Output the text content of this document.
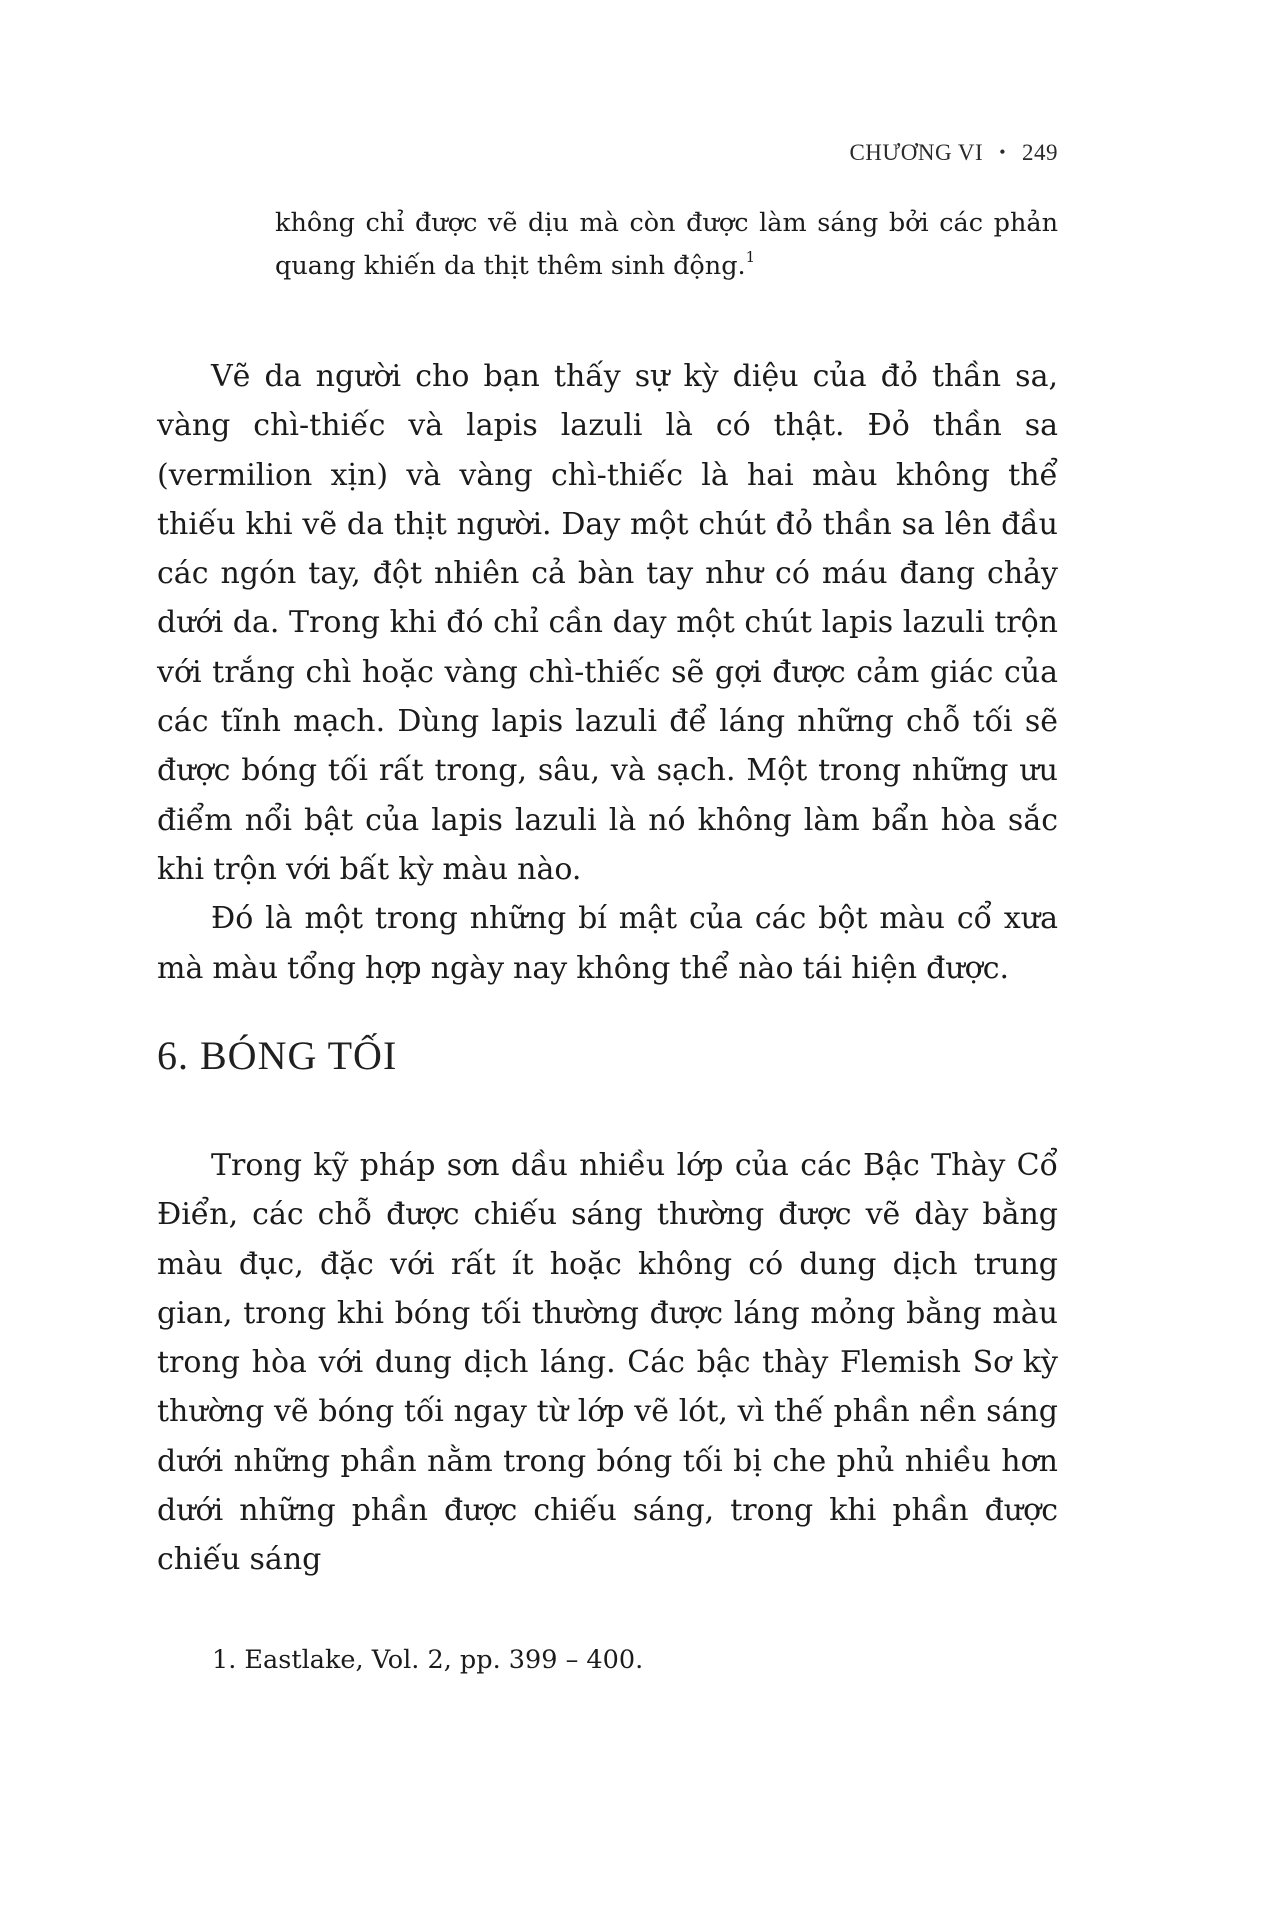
CHƯƠNG VI • 249
không chỉ được vẽ dịu mà còn được làm sáng bởi các phản quang khiến da thịt thêm sinh động.$^1$

Vẽ da người cho bạn thấy sự kỳ diệu của đỏ thần sa, vàng chì-thiếc và lapis lazuli là có thật. Đỏ thần sa (vermilion xịn) và vàng chì-thiếc là hai màu không thể thiếu khi vẽ da thịt người. Day một chút đỏ thần sa lên đầu các ngón tay, đột nhiên cả bàn tay như có máu đang chảy dưới da. Trong khi đó chỉ cần day một chút lapis lazuli trộn với trắng chì hoặc vàng chì-thiếc sẽ gợi được cảm giác của các tĩnh mạch. Dùng lapis lazuli để láng những chỗ tối sẽ được bóng tối rất trong, sâu, và sạch. Một trong những ưu điểm nổi bật của lapis lazuli là nó không làm bẩn hòa sắc khi trộn với bất kỳ màu nào.

Đó là một trong những bí mật của các bột màu cổ xưa mà màu tổng hợp ngày nay không thể nào tái hiện được.

6. BÓNG TỐI

Trong kỹ pháp sơn dầu nhiều lớp của các Bậc Thày Cổ Điển, các chỗ được chiếu sáng thường được vẽ dày bằng màu đục, đặc với rất ít hoặc không có dung dịch trung gian, trong khi bóng tối thường được láng mỏng bằng màu trong hòa với dung dịch láng. Các bậc thày Flemish Sơ kỳ thường vẽ bóng tối ngay từ lớp vẽ lót, vì thế phần nền sáng dưới những phần nằm trong bóng tối bị che phủ nhiều hơn dưới những phần được chiếu sáng, trong khi phần được chiếu sáng

1. Eastlake, Vol. 2, pp. 399 – 400.
